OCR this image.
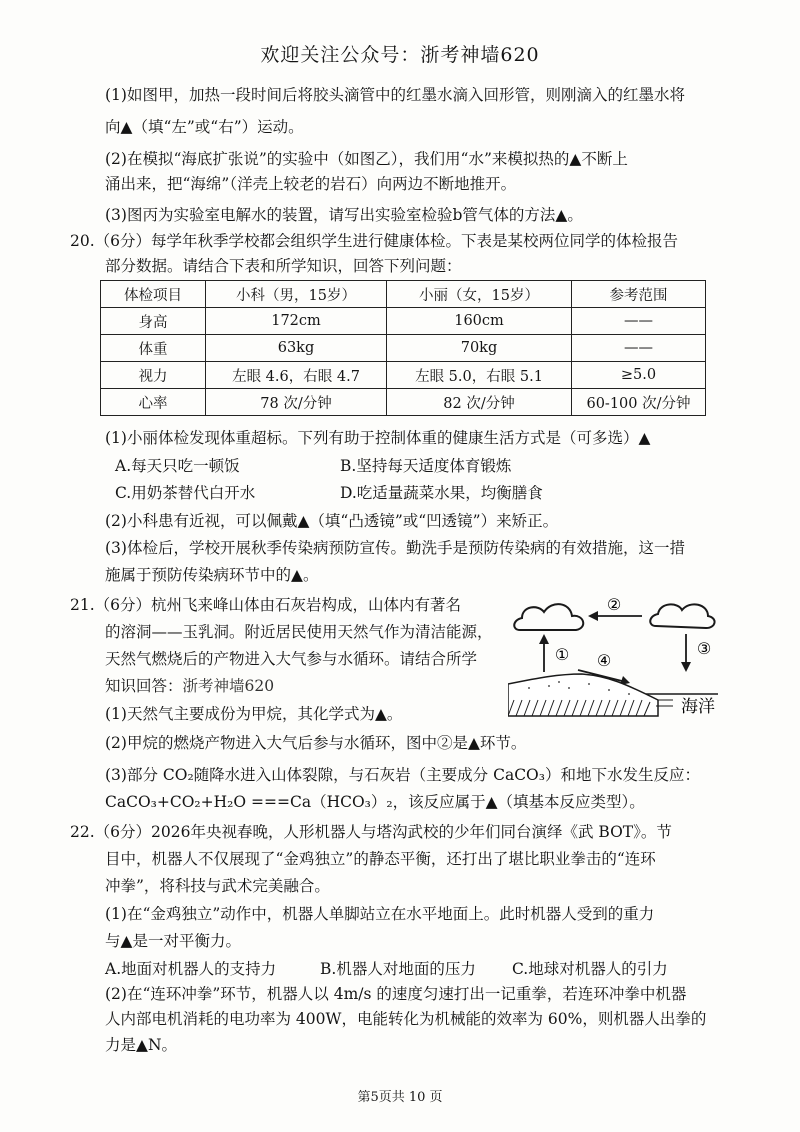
欢迎关注公众号：浙考神墙620
(1)如图甲，加热一段时间后将胶头滴管中的红墨水滴入回形管，则刚滴入的红墨水将
向▲（填“左”或“右”）运动。
(2)在模拟“海底扩张说”的实验中（如图乙），我们用“水”来模拟热的▲不断上
涌出来，把“海绵”（洋壳上较老的岩石）向两边不断地推开。
(3)图丙为实验室电解水的装置，请写出实验室检验b管气体的方法▲。
20.（6分）每学年秋季学校都会组织学生进行健康体检。下表是某校两位同学的体检报告
部分数据。请结合下表和所学知识，回答下列问题：
体检项目	小科（男，15岁）	小丽（女，15岁）	参考范围
身高	172cm	160cm	——
体重	63kg	70kg	——
视力	左眼 4.6，右眼 4.7	左眼 5.0，右眼 5.1	≥5.0
心率	78 次/分钟	82 次/分钟	60-100 次/分钟
(1)小丽体检发现体重超标。下列有助于控制体重的健康生活方式是（可多选）▲
A.每天只吃一顿饭	B.坚持每天适度体育锻炼
C.用奶茶替代白开水	D.吃适量蔬菜水果，均衡膳食
(2)小科患有近视，可以佩戴▲（填“凸透镜”或“凹透镜”）来矫正。
(3)体检后，学校开展秋季传染病预防宣传。勤洗手是预防传染病的有效措施，这一措
施属于预防传染病环节中的▲。
21.（6分）杭州飞来峰山体由石灰岩构成，山体内有著名
的溶洞——玉乳洞。附近居民使用天然气作为清洁能源，
天然气燃烧后的产物进入大气参与水循环。请结合所学
知识回答：浙考神墙620
②
③
① ④
海洋
(1)天然气主要成份为甲烷，其化学式为▲。
(2)甲烷的燃烧产物进入大气后参与水循环，图中②是▲环节。
(3)部分 CO₂随降水进入山体裂隙，与石灰岩（主要成分 CaCO₃）和地下水发生反应：
CaCO₃+CO₂+H₂O ===Ca（HCO₃）₂，该反应属于▲（填基本反应类型）。
22.（6分）2026年央视春晚，人形机器人与塔沟武校的少年们同台演绎《武 BOT》。节
目中，机器人不仅展现了“金鸡独立”的静态平衡，还打出了堪比职业拳击的“连环
冲拳”，将科技与武术完美融合。
(1)在“金鸡独立”动作中，机器人单脚站立在水平地面上。此时机器人受到的重力
与▲是一对平衡力。
A.地面对机器人的支持力	B.机器人对地面的压力 C.地球对机器人的引力
(2)在“连环冲拳”环节，机器人以 4m/s 的速度匀速打出一记重拳，若连环冲拳中机器
人内部电机消耗的电功率为 400W，电能转化为机械能的效率为 60%，则机器人出拳的
力是▲N。
第5页共 10 页
